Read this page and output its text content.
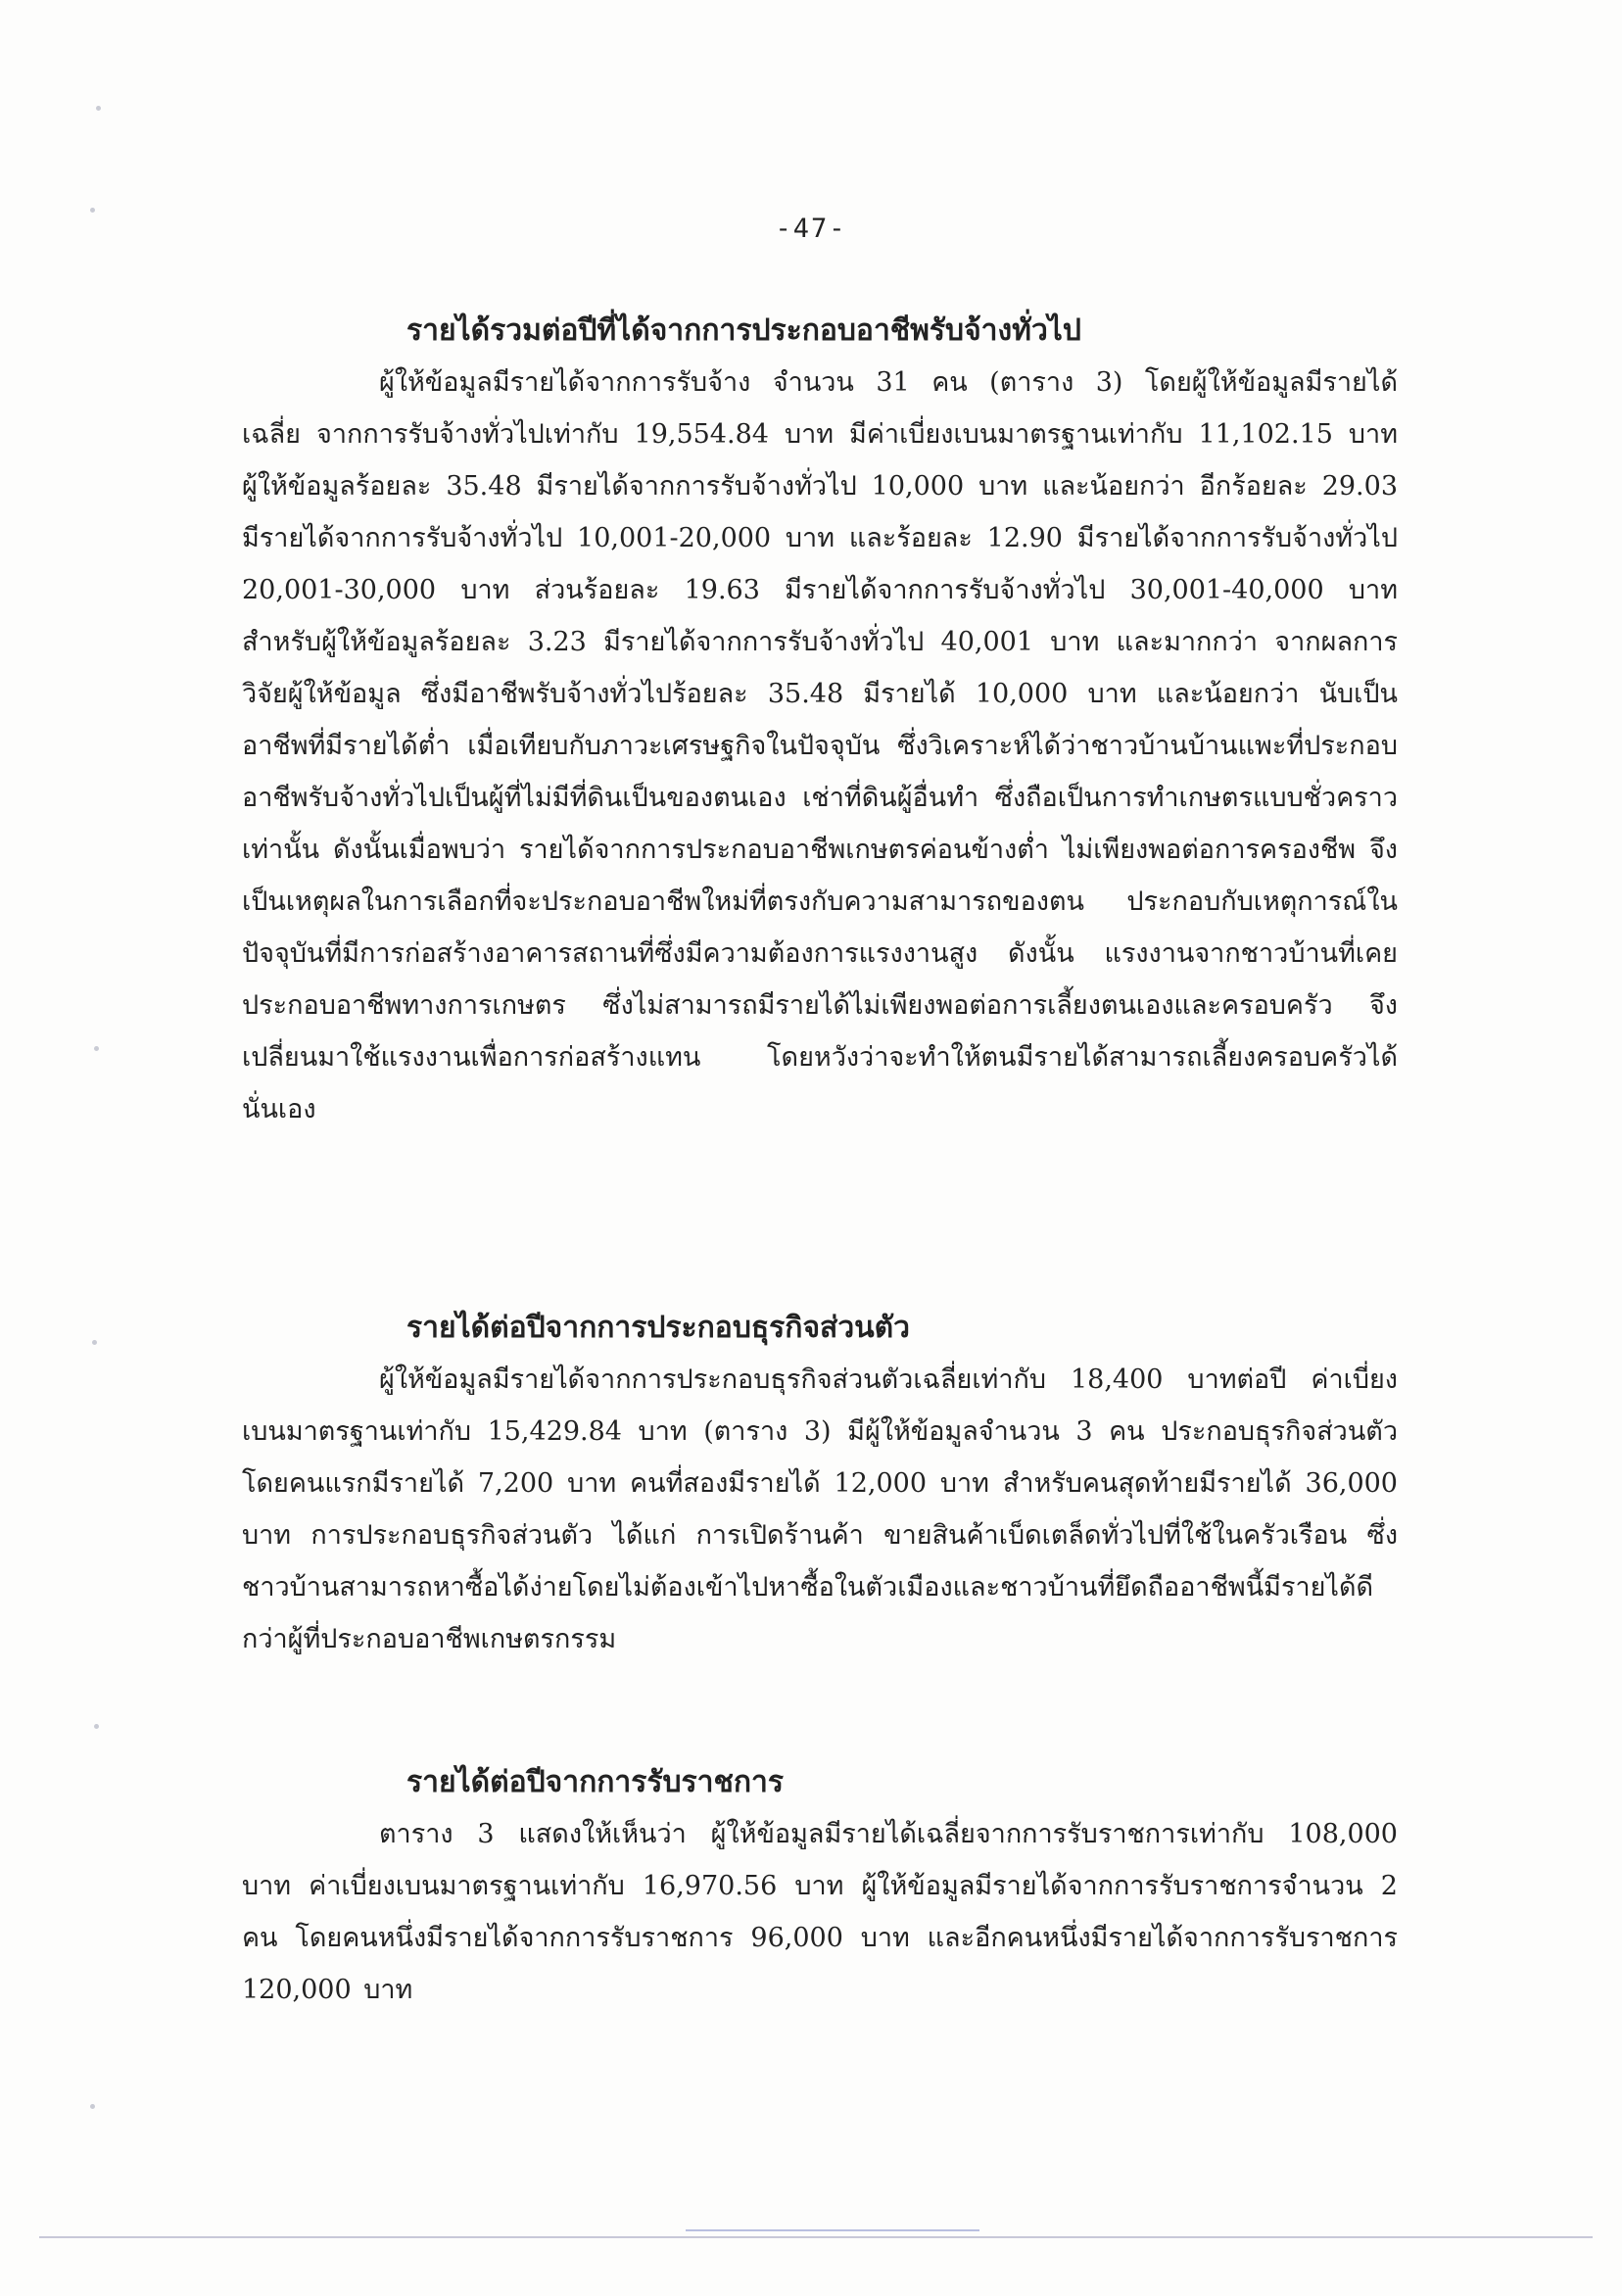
-47-
รายได้รวมต่อปีที่ได้จากการประกอบอาชีพรับจ้างทั่วไป

ผู้ให้ข้อมูลมีรายได้จากการรับจ้าง จำนวน 31 คน (ตาราง 3) โดยผู้ให้ข้อมูลมีรายได้เฉลี่ย จากการรับจ้างทั่วไปเท่ากับ 19,554.84 บาท มีค่าเบี่ยงเบนมาตรฐานเท่ากับ 11,102.15 บาท ผู้ให้ข้อมูลร้อยละ 35.48 มีรายได้จากการรับจ้างทั่วไป 10,000 บาท และน้อยกว่า อีกร้อยละ 29.03 มีรายได้จากการรับจ้างทั่วไป 10,001-20,000 บาท และร้อยละ 12.90 มีรายได้จากการรับจ้างทั่วไป 20,001-30,000 บาท ส่วนร้อยละ 19.63 มีรายได้จากการรับจ้างทั่วไป 30,001-40,000 บาท สำหรับผู้ให้ข้อมูลร้อยละ 3.23 มีรายได้จากการรับจ้างทั่วไป 40,001 บาท และมากกว่า จากผลการวิจัยผู้ให้ข้อมูล ซึ่งมีอาชีพรับจ้างทั่วไปร้อยละ 35.48 มีรายได้ 10,000 บาท และน้อยกว่า นับเป็นอาชีพที่มีรายได้ต่ำ เมื่อเทียบกับภาวะเศรษฐกิจในปัจจุบัน ซึ่งวิเคราะห์ได้ว่าชาวบ้านบ้านแพะที่ประกอบอาชีพรับจ้างทั่วไปเป็นผู้ที่ไม่มีที่ดินเป็นของตนเอง เช่าที่ดินผู้อื่นทำ ซึ่งถือเป็นการทำเกษตรแบบชั่วคราวเท่านั้น ดังนั้นเมื่อพบว่า รายได้จากการประกอบอาชีพเกษตรค่อนข้างต่ำ ไม่เพียงพอต่อการครองชีพ จึงเป็นเหตุผลในการเลือกที่จะประกอบอาชีพใหม่ที่ตรงกับความสามารถของตน ประกอบกับเหตุการณ์ในปัจจุบันที่มีการก่อสร้างอาคารสถานที่ซึ่งมีความต้องการแรงงานสูง ดังนั้น แรงงานจากชาวบ้านที่เคย ประกอบอาชีพทางการเกษตร ซึ่งไม่สามารถมีรายได้ไม่เพียงพอต่อการเลี้ยงตนเองและครอบครัว จึงเปลี่ยนมาใช้แรงงานเพื่อการก่อสร้างแทน โดยหวังว่าจะทำให้ตนมีรายได้สามารถเลี้ยงครอบครัวได้นั่นเอง

รายได้ต่อปีจากการประกอบธุรกิจส่วนตัว

ผู้ให้ข้อมูลมีรายได้จากการประกอบธุรกิจส่วนตัวเฉลี่ยเท่ากับ 18,400 บาทต่อปี ค่าเบี่ยงเบนมาตรฐานเท่ากับ 15,429.84 บาท (ตาราง 3) มีผู้ให้ข้อมูลจำนวน 3 คน ประกอบธุรกิจส่วนตัว โดยคนแรกมีรายได้ 7,200 บาท คนที่สองมีรายได้ 12,000 บาท สำหรับคนสุดท้ายมีรายได้ 36,000 บาท การประกอบธุรกิจส่วนตัว ได้แก่ การเปิดร้านค้า ขายสินค้าเบ็ดเตล็ดทั่วไปที่ใช้ในครัวเรือน ซึ่งชาวบ้านสามารถหาซื้อได้ง่ายโดยไม่ต้องเข้าไปหาซื้อในตัวเมืองและชาวบ้านที่ยึดถืออาชีพนี้มีรายได้ดีกว่าผู้ที่ประกอบอาชีพเกษตรกรรม

รายได้ต่อปีจากการรับราชการ

ตาราง 3 แสดงให้เห็นว่า ผู้ให้ข้อมูลมีรายได้เฉลี่ยจากการรับราชการเท่ากับ 108,000 บาท ค่าเบี่ยงเบนมาตรฐานเท่ากับ 16,970.56 บาท ผู้ให้ข้อมูลมีรายได้จากการรับราชการจำนวน 2 คน โดยคนหนึ่งมีรายได้จากการรับราชการ 96,000 บาท และอีกคนหนึ่งมีรายได้จากการรับราชการ 120,000 บาท
